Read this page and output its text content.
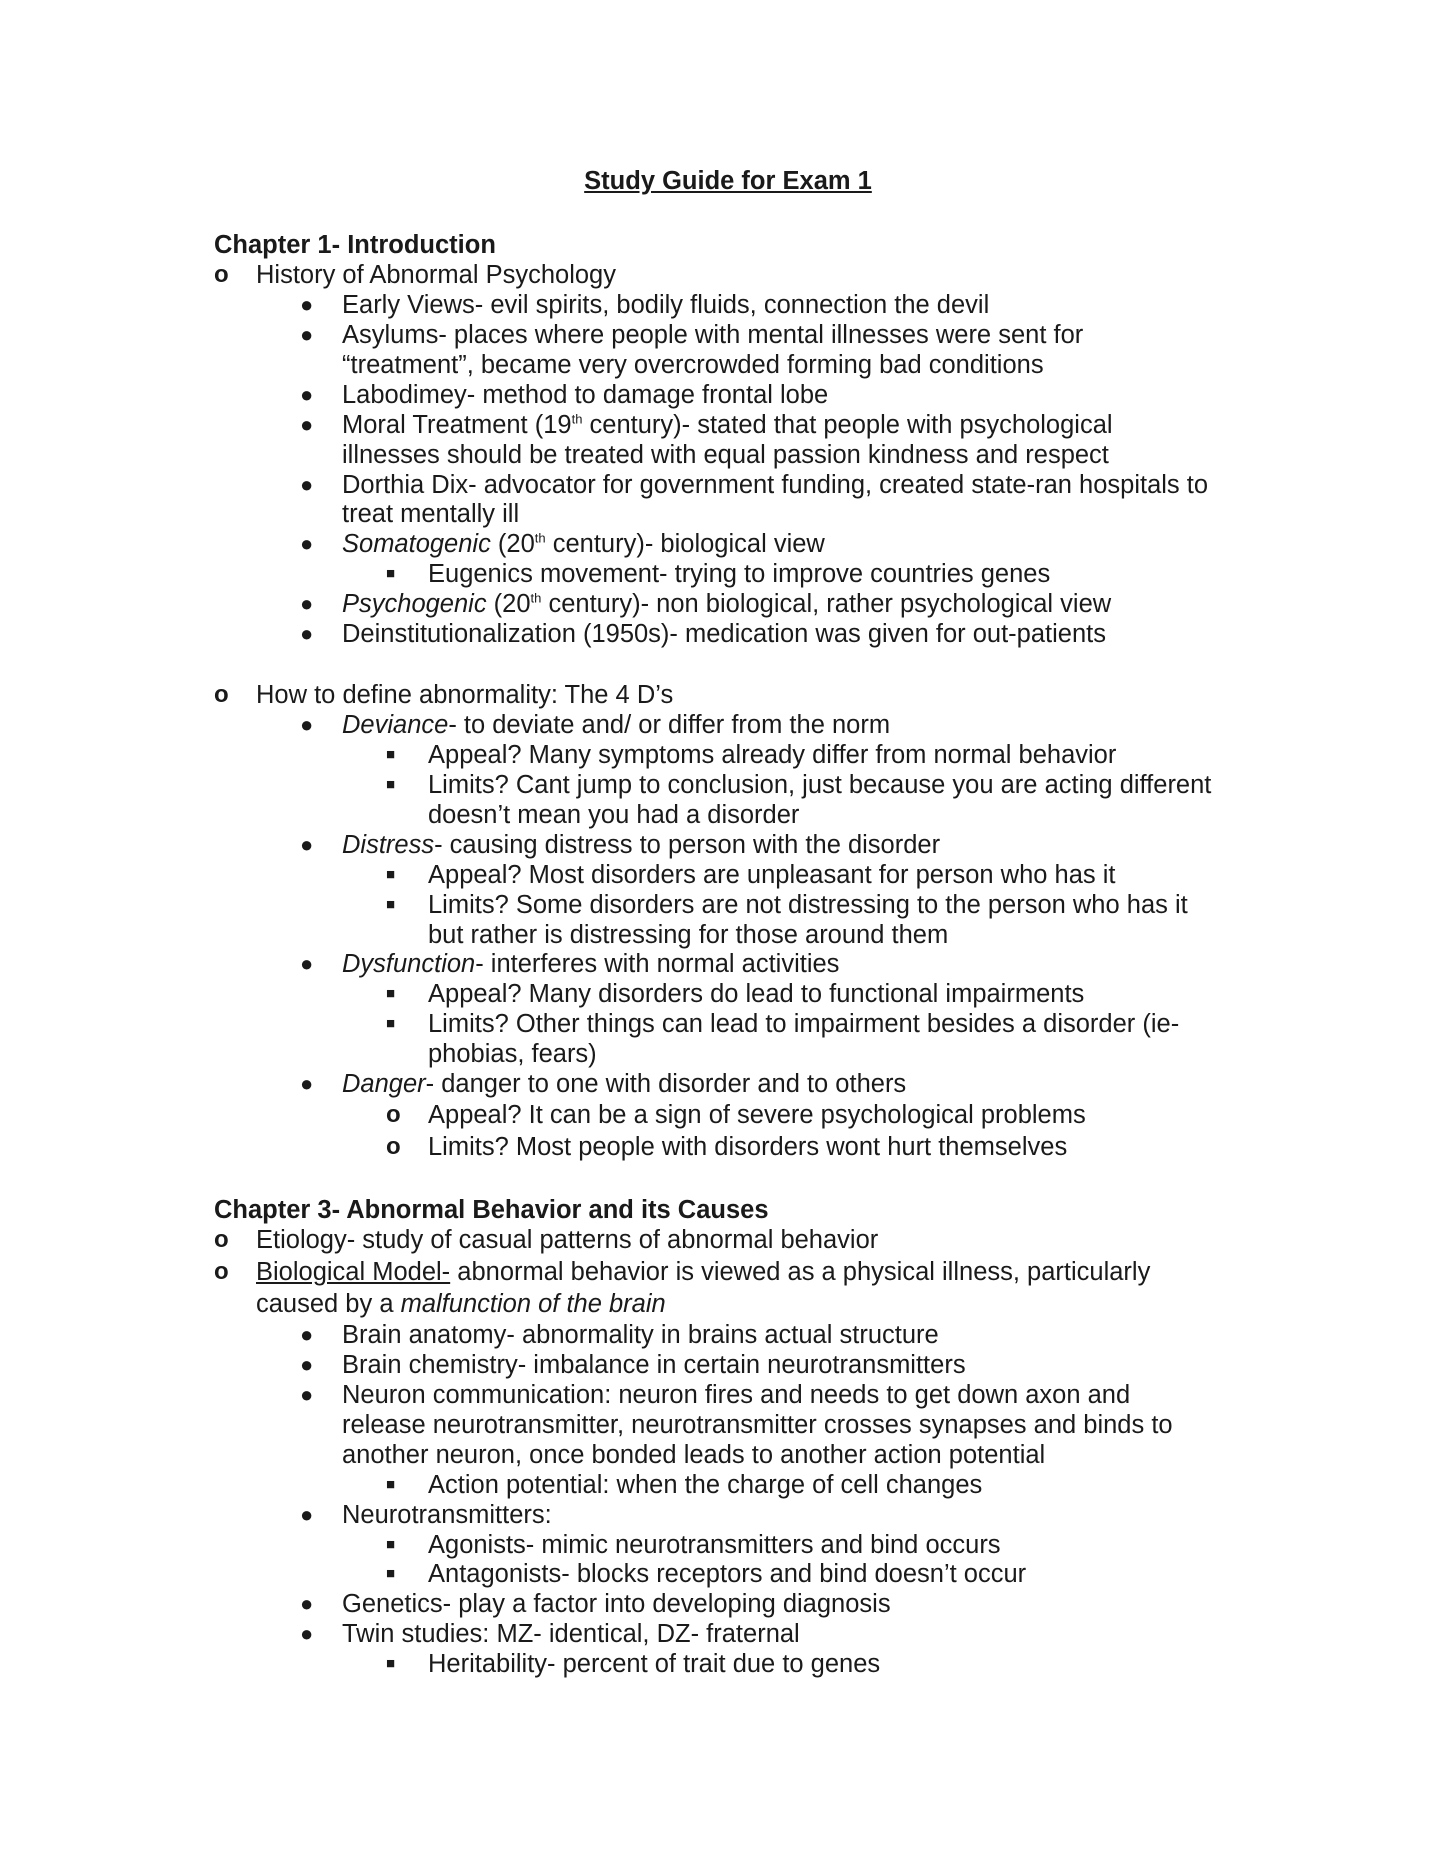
Study Guide for Exam 1
Chapter 1- Introduction
o History of Abnormal Psychology
● Early Views- evil spirits, bodily fluids, connection the devil
● Asylums- places where people with mental illnesses were sent for
“treatment”, became very overcrowded forming bad conditions
● Labodimey- method to damage frontal lobe
● Moral Treatment (19th century)- stated that people with psychological
illnesses should be treated with equal passion kindness and respect
● Dorthia Dix- advocator for government funding, created state-ran hospitals to
treat mentally ill
● Somatogenic (20th century)- biological view
■ Eugenics movement- trying to improve countries genes
● Psychogenic (20th century)- non biological, rather psychological view
● Deinstitutionalization (1950s)- medication was given for out-patients
o How to define abnormality: The 4 D’s
● Deviance- to deviate and/ or differ from the norm
■ Appeal? Many symptoms already differ from normal behavior
■ Limits? Cant jump to conclusion, just because you are acting different
doesn’t mean you had a disorder
● Distress- causing distress to person with the disorder
■ Appeal? Most disorders are unpleasant for person who has it
■ Limits? Some disorders are not distressing to the person who has it
but rather is distressing for those around them
● Dysfunction- interferes with normal activities
■ Appeal? Many disorders do lead to functional impairments
■ Limits? Other things can lead to impairment besides a disorder (ie-
phobias, fears)
● Danger- danger to one with disorder and to others
o Appeal? It can be a sign of severe psychological problems
o Limits? Most people with disorders wont hurt themselves
Chapter 3- Abnormal Behavior and its Causes
o Etiology- study of casual patterns of abnormal behavior
o Biological Model- abnormal behavior is viewed as a physical illness, particularly
caused by a malfunction of the brain
● Brain anatomy- abnormality in brains actual structure
● Brain chemistry- imbalance in certain neurotransmitters
● Neuron communication: neuron fires and needs to get down axon and
release neurotransmitter, neurotransmitter crosses synapses and binds to
another neuron, once bonded leads to another action potential
■ Action potential: when the charge of cell changes
● Neurotransmitters:
■ Agonists- mimic neurotransmitters and bind occurs
■ Antagonists- blocks receptors and bind doesn’t occur
● Genetics- play a factor into developing diagnosis
● Twin studies: MZ- identical, DZ- fraternal
■ Heritability- percent of trait due to genes
